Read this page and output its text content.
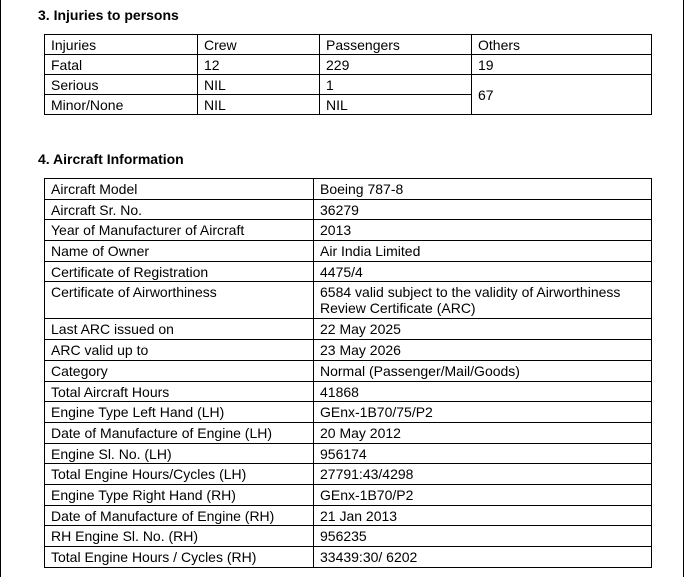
3. Injuries to persons
Injuries	Crew	Passengers	Others
Fatal	12	229	19
Serious	NIL	1	67
Minor/None	NIL	NIL	
4. Aircraft Information
Aircraft Model	Boeing 787-8
Aircraft Sr. No.	36279
Year of Manufacturer of Aircraft	2013
Name of Owner	Air India Limited
Certificate of Registration	4475/4
Certificate of Airworthiness	6584 valid subject to the validity of Airworthiness Review Certificate (ARC)
Last ARC issued on	22 May 2025
ARC valid up to	23 May 2026
Category	Normal (Passenger/Mail/Goods)
Total Aircraft Hours	41868
Engine Type Left Hand (LH)	GEnx-1B70/75/P2
Date of Manufacture of Engine (LH)	20 May 2012
Engine Sl. No. (LH)	956174
Total Engine Hours/Cycles (LH)	27791:43/4298
Engine Type Right Hand (RH)	GEnx-1B70/P2
Date of Manufacture of Engine (RH)	21 Jan 2013
RH Engine Sl. No. (RH)	956235
Total Engine Hours / Cycles (RH)	33439:30/ 6202
